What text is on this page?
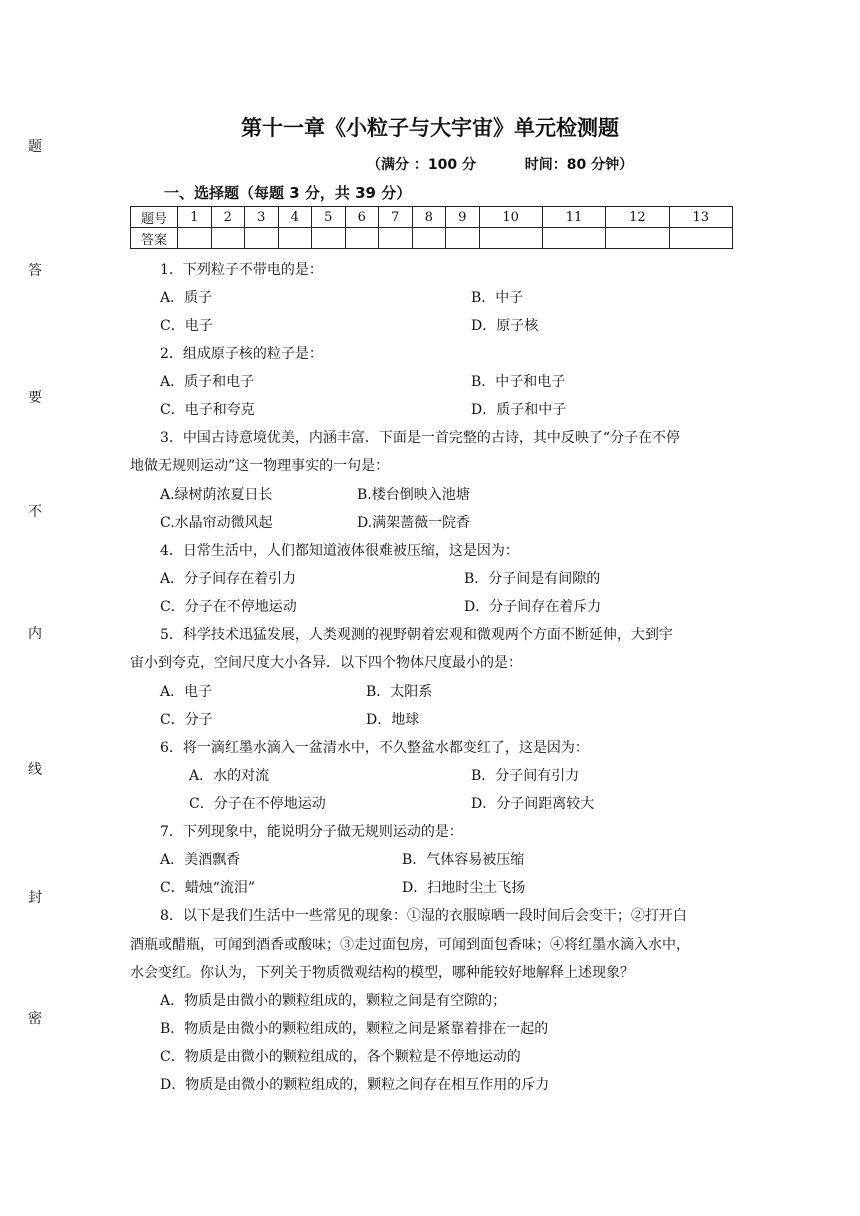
题
答
要
不
内
线
封
密
第十一章《小粒子与大宇宙》单元检测题
（满分 ：100 分          时间：80 分钟）
一、选择题（每题 3 分，共 39 分）
题号	1	2	3	4	5	6	7	8	9	10	11	12	13
答案													
1．下列粒子不带电的是：
A．质子	B．中子
C．电子	D．原子核
2．组成原子核的粒子是：
A．质子和电子	B．中子和电子
C．电子和夸克	D．质子和中子
3．中国古诗意境优美，内涵丰富．下面是一首完整的古诗，其中反映了“分子在不停
地做无规则运动”这一物理事实的一句是：
A.绿树荫浓夏日长	B.楼台倒映入池塘
C.水晶帘动微风起	D.满架蔷薇一院香
4．日常生活中，人们都知道液体很难被压缩，这是因为：
A．分子间存在着引力	B．分子间是有间隙的
C．分子在不停地运动	D．分子间存在着斥力
5．科学技术迅猛发展，人类观测的视野朝着宏观和微观两个方面不断延伸，大到宇
宙小到夸克，空间尺度大小各异．以下四个物体尺度最小的是：
A．电子	B．太阳系
C．分子	D．地球
6．将一滴红墨水滴入一盆清水中，不久整盆水都变红了，这是因为：
A．水的对流	B．分子间有引力
C．分子在不停地运动	D．分子间距离较大
7．下列现象中，能说明分子做无规则运动的是：
A．美酒飘香	B．气体容易被压缩
C．蜡烛“流泪”	D．扫地时尘土飞扬
8．以下是我们生活中一些常见的现象：①湿的衣服晾晒一段时间后会变干；②打开白
酒瓶或醋瓶，可闻到酒香或酸味；③走过面包房，可闻到面包香味；④将红墨水滴入水中，
水会变红。你认为，下列关于物质微观结构的模型，哪种能较好地解释上述现象？
A．物质是由微小的颗粒组成的，颗粒之间是有空隙的；
B．物质是由微小的颗粒组成的，颗粒之间是紧靠着排在一起的
C．物质是由微小的颗粒组成的，各个颗粒是不停地运动的
D．物质是由微小的颗粒组成的，颗粒之间存在相互作用的斥力
